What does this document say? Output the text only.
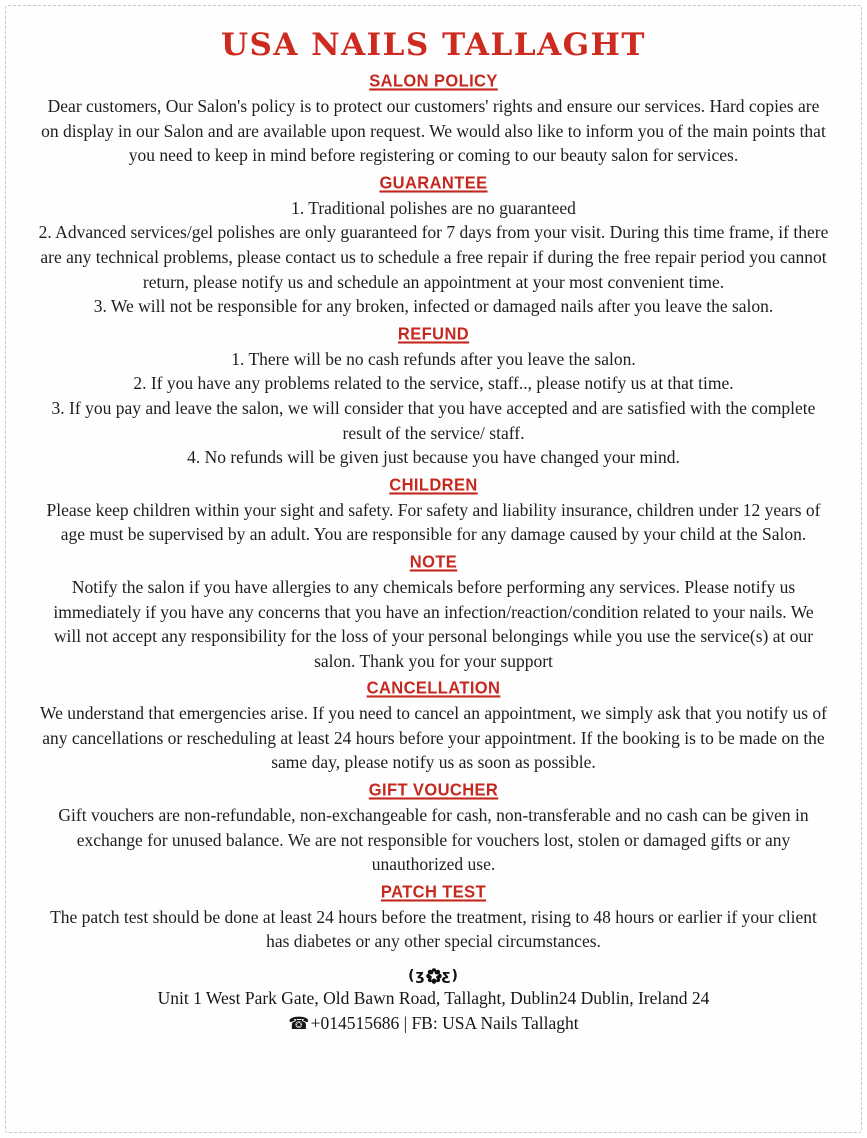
USA NAILS TALLAGHT
SALON POLICY

Dear customers, Our Salon's policy is to protect our customers' rights and ensure our services. Hard copies are on display in our Salon and are available upon request. We would also like to inform you of the main points that you need to keep in mind before registering or coming to our beauty salon for services.

GUARANTEE

1. Traditional polishes are no guaranteed

2. Advanced services/gel polishes are only guaranteed for 7 days from your visit. During this time frame, if there are any technical problems, please contact us to schedule a free repair if during the free repair period you cannot return, please notify us and schedule an appointment at your most convenient time.

3. We will not be responsible for any broken, infected or damaged nails after you leave the salon.

REFUND

1. There will be no cash refunds after you leave the salon.

2. If you have any problems related to the service, staff.., please notify us at that time.

3. If you pay and leave the salon, we will consider that you have accepted and are satisfied with the complete result of the service/ staff.

4. No refunds will be given just because you have changed your mind.

CHILDREN

Please keep children within your sight and safety. For safety and liability insurance, children under 12 years of age must be supervised by an adult. You are responsible for any damage caused by your child at the Salon.

NOTE

Notify the salon if you have allergies to any chemicals before performing any services. Please notify us immediately if you have any concerns that you have an infection/reaction/condition related to your nails. We will not accept any responsibility for the loss of your personal belongings while you use the service(s) at our salon. Thank you for your support

CANCELLATION

We understand that emergencies arise. If you need to cancel an appointment, we simply ask that you notify us of any cancellations or rescheduling at least 24 hours before your appointment. If the booking is to be made on the same day, please notify us as soon as possible.

GIFT VOUCHER

Gift vouchers are non-refundable, non-exchangeable for cash, non-transferable and no cash can be given in exchange for unused balance. We are not responsible for vouchers lost, stolen or damaged gifts or any unauthorized use.

PATCH TEST

The patch test should be done at least 24 hours before the treatment, rising to 48 hours or earlier if your client has diabetes or any other special circumstances.

(ʒ ƹ)

Unit 1 West Park Gate, Old Bawn Road, Tallaght, Dublin24 Dublin, Ireland 24

☎+014515686 | FB: USA Nails Tallaght
